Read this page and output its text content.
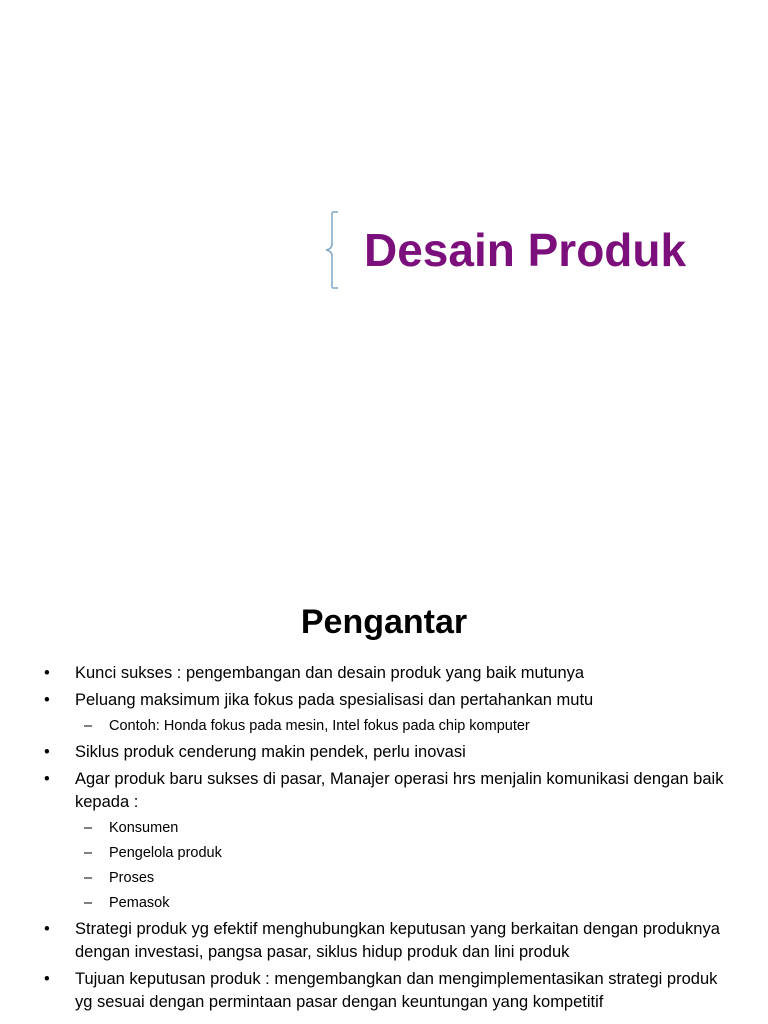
Desain Produk
Pengantar
• Kunci sukses : pengembangan dan desain produk yang baik mutunya
• Peluang maksimum jika fokus pada spesialisasi dan pertahankan mutu
– Contoh: Honda fokus pada mesin, Intel fokus pada chip komputer
• Siklus produk cenderung makin pendek, perlu inovasi
• Agar produk baru sukses di pasar, Manajer operasi hrs menjalin komunikasi dengan baik kepada :
– Konsumen
– Pengelola produk
– Proses
– Pemasok
• Strategi produk yg efektif menghubungkan keputusan yang berkaitan dengan produknya dengan investasi, pangsa pasar, siklus hidup produk dan lini produk
• Tujuan keputusan produk : mengembangkan dan mengimplementasikan strategi produk yg sesuai dengan permintaan pasar dengan keuntungan yang kompetitif
